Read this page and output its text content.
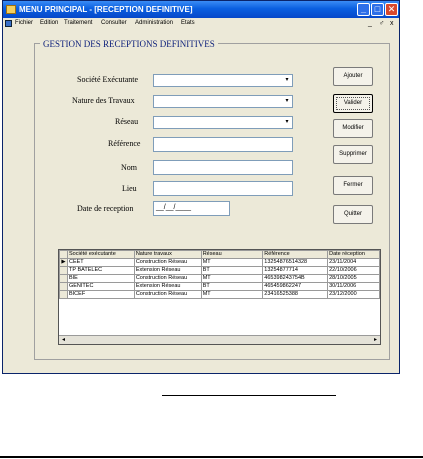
MENU PRINCIPAL - [RECEPTION DEFINITIVE]	_ □ ✕
Fichier Edition Traitement Consulter Administration Etats	_ ♂ x
GESTION DES RECEPTIONS DEFINITIVES
Société Exécutante	▾
Nature des Travaux	▾
Réseau	▾
Référence
Nom
Lieu
Date de reception	__/__/____
Ajouter
Valider
Modifier
Supprimer
Fermer
Quitter
	Société exécutante	Nature travaux	Réseau	Référence	Date réception
▶	CEET	Construction Réseau	MT	13254876514328	23/11/2004
	TP BATELEC	Extension Réseau	BT	13254877714	22/10/2006
	BIE	Construction Réseau	MT	465398243754B	28/10/2005
	GENITEC	Extension Réseau	BT	465459862247	30/11/2006
	BICEF	Construction Réseau	MT	23416525388	23/12/2000
◂	▸
